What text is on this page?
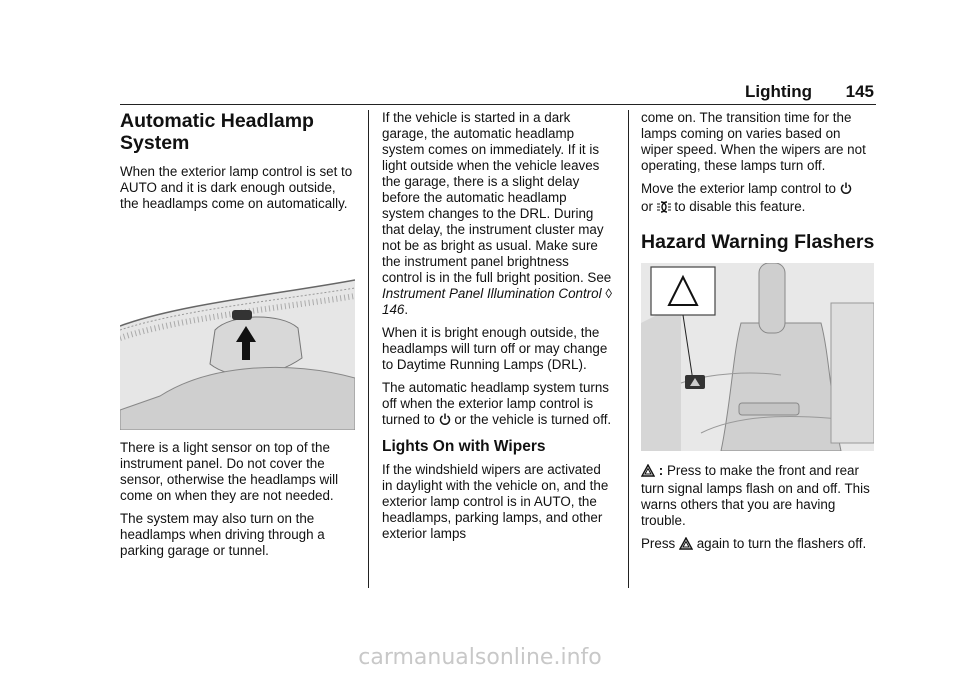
Lighting 145
Automatic Headlamp System

When the exterior lamp control is set to AUTO and it is dark enough outside, the headlamps come on automatically.

There is a light sensor on top of the instrument panel. Do not cover the sensor, otherwise the headlamps will come on when they are not needed.

The system may also turn on the headlamps when driving through a parking garage or tunnel.

If the vehicle is started in a dark garage, the automatic headlamp system comes on immediately. If it is light outside when the vehicle leaves the garage, there is a slight delay before the automatic headlamp system changes to the DRL. During that delay, the instrument cluster may not be as bright as usual. Make sure the instrument panel brightness control is in the full bright position. See Instrument Panel Illumination Control ◊ 146.

When it is bright enough outside, the headlamps will turn off or may change to Daytime Running Lamps (DRL).

The automatic headlamp system turns off when the exterior lamp control is turned to or the vehicle is turned off.

Lights On with Wipers

If the windshield wipers are activated in daylight with the vehicle on, and the exterior lamp control is in AUTO, the headlamps, parking lamps, and other exterior lamps

come on. The transition time for the lamps coming on varies based on wiper speed. When the wipers are not operating, these lamps turn off.

Move the exterior lamp control to
or to disable this feature.

Hazard Warning Flashers

: Press to make the front and rear turn signal lamps flash on and off. This warns others that you are having trouble.

Press again to turn the flashers off.

carmanualsonline.info
